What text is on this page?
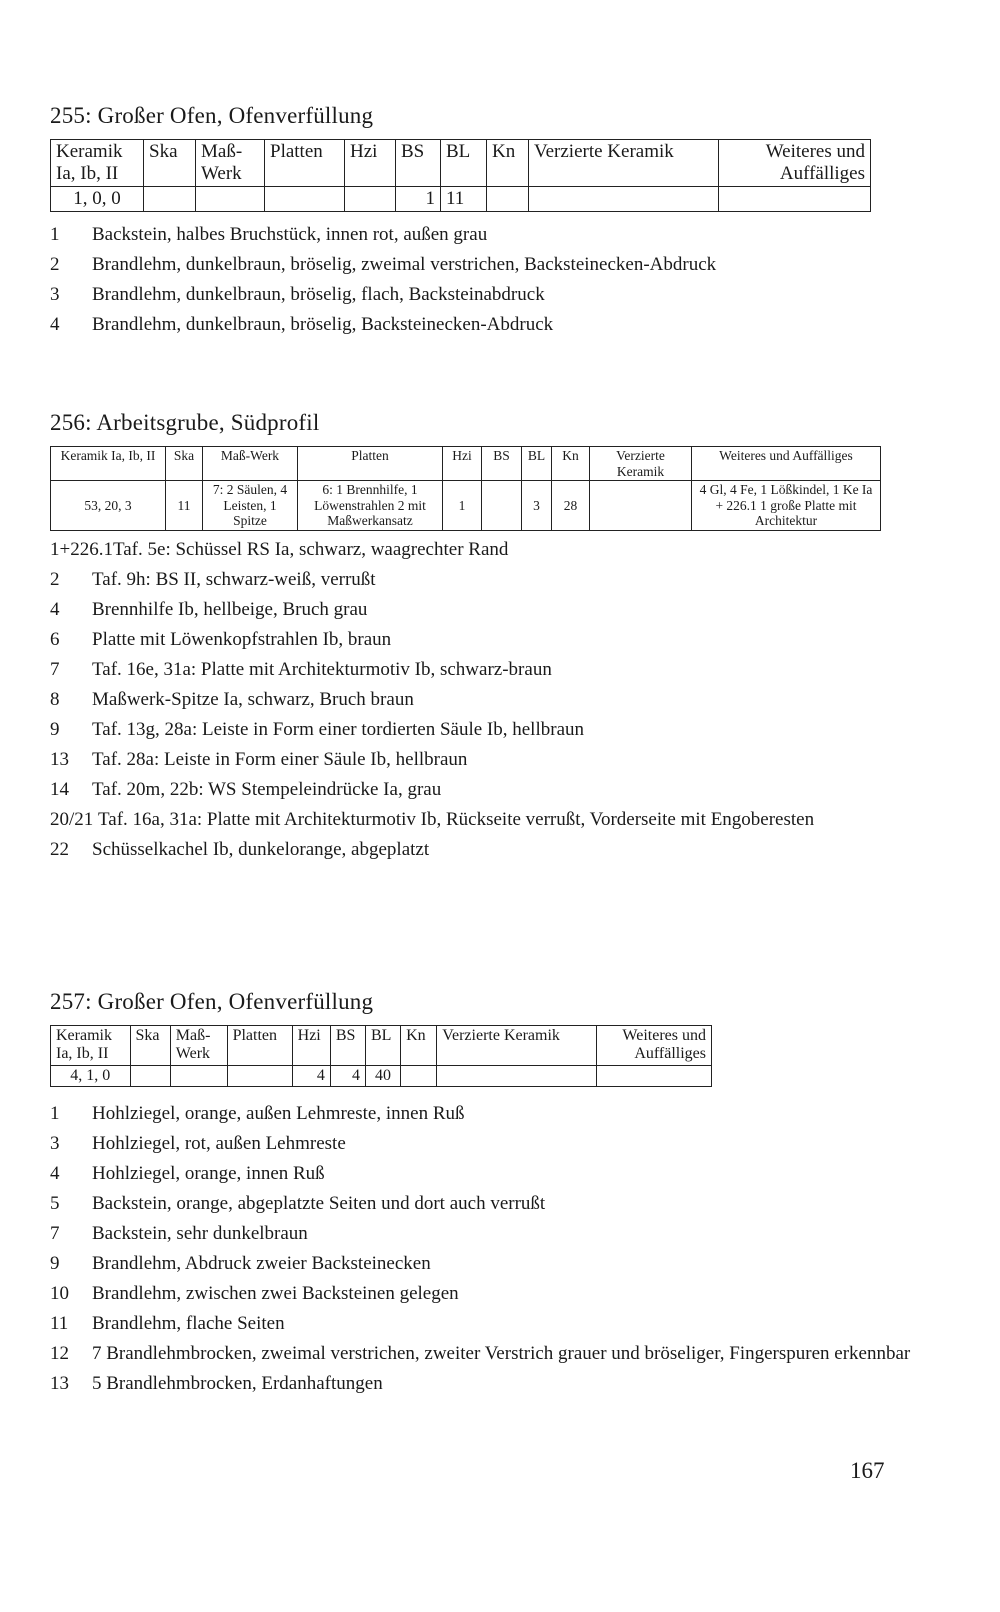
255: Großer Ofen, Ofenverfüllung
Keramik Ia, Ib, II	Ska	Maß-Werk	Platten	Hzi	BS	BL	Kn	Verzierte Keramik	Weiteres und Auffälliges
1, 0, 0					1	11			
1	Backstein, halbes Bruchstück, innen rot, außen grau
2	Brandlehm, dunkelbraun, bröselig, zweimal verstrichen, Backsteinecken-Abdruck
3	Brandlehm, dunkelbraun, bröselig, flach, Backsteinabdruck
4	Brandlehm, dunkelbraun, bröselig, Backsteinecken-Abdruck
256: Arbeitsgrube, Südprofil
Keramik Ia, Ib, II	Ska	Maß-Werk	Platten	Hzi	BS	BL	Kn	Verzierte Keramik	Weiteres und Auffälliges
53, 20, 3	11	7: 2 Säulen, 4 Leisten, 1 Spitze	6: 1 Brennhilfe, 1 Löwenstrahlen 2 mit Maßwerkansatz	1		3	28		4 Gl, 4 Fe, 1 Lößkindel, 1 Ke Ia + 226.1 1 große Platte mit Architektur
1+226.1 Taf. 5e: Schüssel RS Ia, schwarz, waagrechter Rand
2	Taf. 9h: BS II, schwarz-weiß, verrußt
4	Brennhilfe Ib, hellbeige, Bruch grau
6	Platte mit Löwenkopfstrahlen Ib, braun
7	Taf. 16e, 31a: Platte mit Architekturmotiv Ib, schwarz-braun
8	Maßwerk-Spitze Ia, schwarz, Bruch braun
9	Taf. 13g, 28a: Leiste in Form einer tordierten Säule Ib, hellbraun
13	Taf. 28a: Leiste in Form einer Säule Ib, hellbraun
14	Taf. 20m, 22b: WS Stempeleindrücke Ia, grau
20/21 Taf. 16a, 31a: Platte mit Architekturmotiv Ib, Rückseite verrußt, Vorderseite mit Engoberesten
22	Schüsselkachel Ib, dunkelorange, abgeplatzt
257: Großer Ofen, Ofenverfüllung
Keramik Ia, Ib, II	Ska	Maß-Werk	Platten	Hzi	BS	BL	Kn	Verzierte Keramik	Weiteres und Auffälliges
4, 1, 0				4	4	40			
1	Hohlziegel, orange, außen Lehmreste, innen Ruß
3	Hohlziegel, rot, außen Lehmreste
4	Hohlziegel, orange, innen Ruß
5	Backstein, orange, abgeplatzte Seiten und dort auch verrußt
7	Backstein, sehr dunkelbraun
9	Brandlehm, Abdruck zweier Backsteinecken
10	Brandlehm, zwischen zwei Backsteinen gelegen
11	Brandlehm, flache Seiten
12	7 Brandlehmbrocken, zweimal verstrichen, zweiter Verstrich grauer und bröseliger, Fingerspuren erkennbar
13	5 Brandlehmbrocken, Erdanhaftungen
167
